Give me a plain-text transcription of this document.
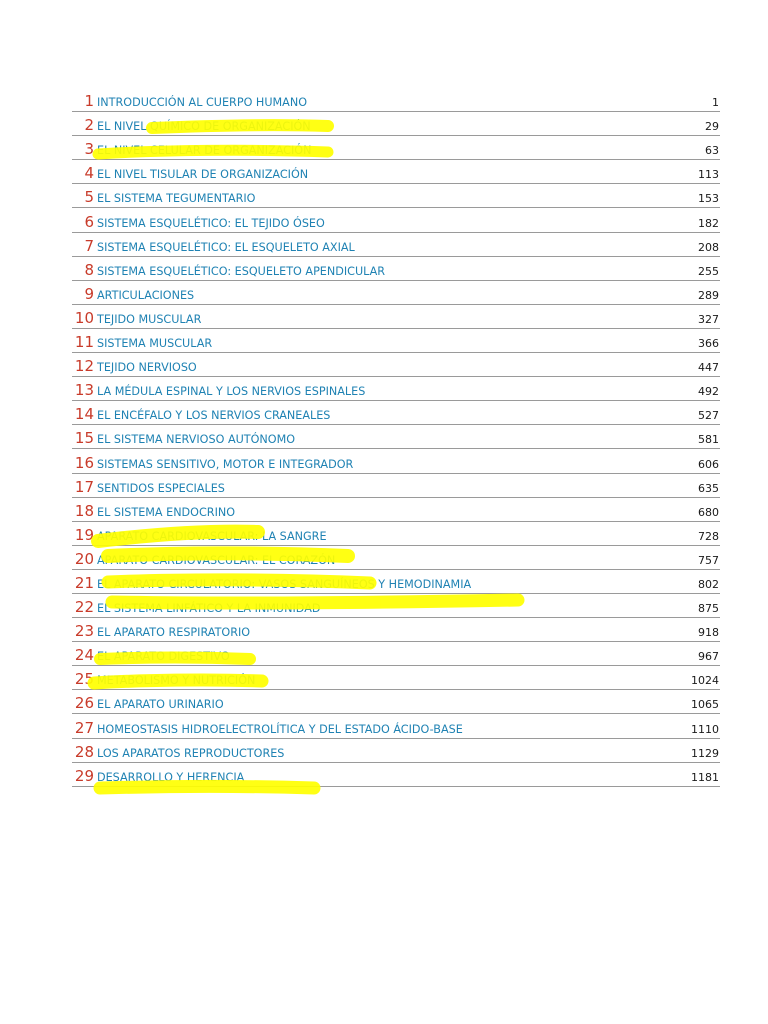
1 INTRODUCCIÓN AL CUERPO HUMANO	1
2 EL NIVEL QUÍMICO DE ORGANIZACIÓN	29
3 EL NIVEL CELULAR DE ORGANIZACIÓN	63
4 EL NIVEL TISULAR DE ORGANIZACIÓN	113
5 EL SISTEMA TEGUMENTARIO	153
6 SISTEMA ESQUELÉTICO: EL TEJIDO ÓSEO	182
7 SISTEMA ESQUELÉTICO: EL ESQUELETO AXIAL	208
8 SISTEMA ESQUELÉTICO: ESQUELETO APENDICULAR	255
9 ARTICULACIONES	289
10 TEJIDO MUSCULAR	327
11 SISTEMA MUSCULAR	366
12 TEJIDO NERVIOSO	447
13 LA MÉDULA ESPINAL Y LOS NERVIOS ESPINALES	492
14 EL ENCÉFALO Y LOS NERVIOS CRANEALES	527
15 EL SISTEMA NERVIOSO AUTÓNOMO	581
16 SISTEMAS SENSITIVO, MOTOR E INTEGRADOR	606
17 SENTIDOS ESPECIALES	635
18 EL SISTEMA ENDOCRINO	680
19 APARATO CARDIOVASCULAR: LA SANGRE	728
20 APARATO CARDIOVASCULAR: EL CORAZÓN	757
21 EL APARATO CIRCULATORIO: VASOS SANGUÍNEOS Y HEMODINAMIA	802
22 EL SISTEMA LINFÁTICO Y LA INMUNIDAD	875
23 EL APARATO RESPIRATORIO	918
24 EL APARATO DIGESTIVO	967
25 METABOLISMO Y NUTRICIÓN	1024
26 EL APARATO URINARIO	1065
27 HOMEOSTASIS HIDROELECTROLÍTICA Y DEL ESTADO ÁCIDO-BASE	1110
28 LOS APARATOS REPRODUCTORES	1129
29 DESARROLLO Y HERENCIA	1181
